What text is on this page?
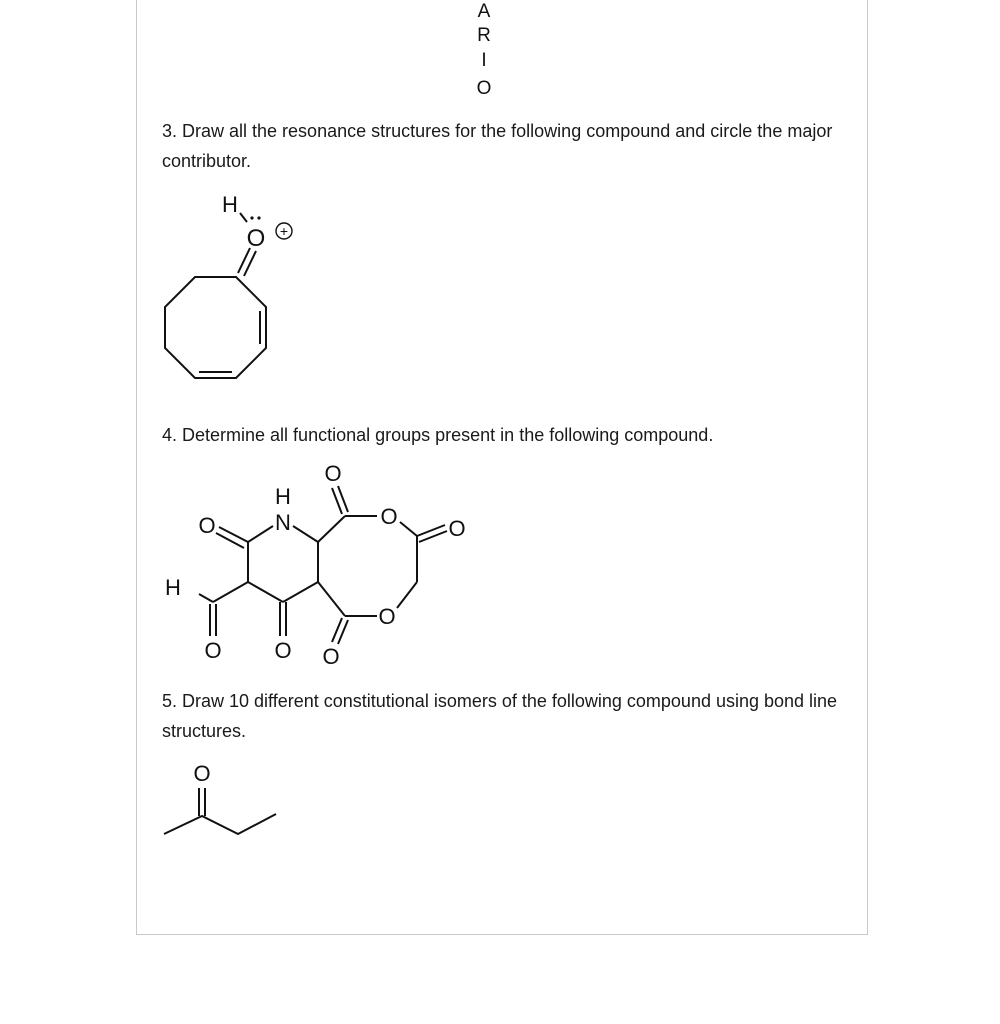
A
R
I
O
3. Draw all the resonance structures for the following compound and circle the major contributor.
H
O +
4. Determine all functional groups present in the following compound.
H
N
O
H
O O
O
O
O
O
O
5. Draw 10 different constitutional isomers of the following compound using bond line structures.
O
